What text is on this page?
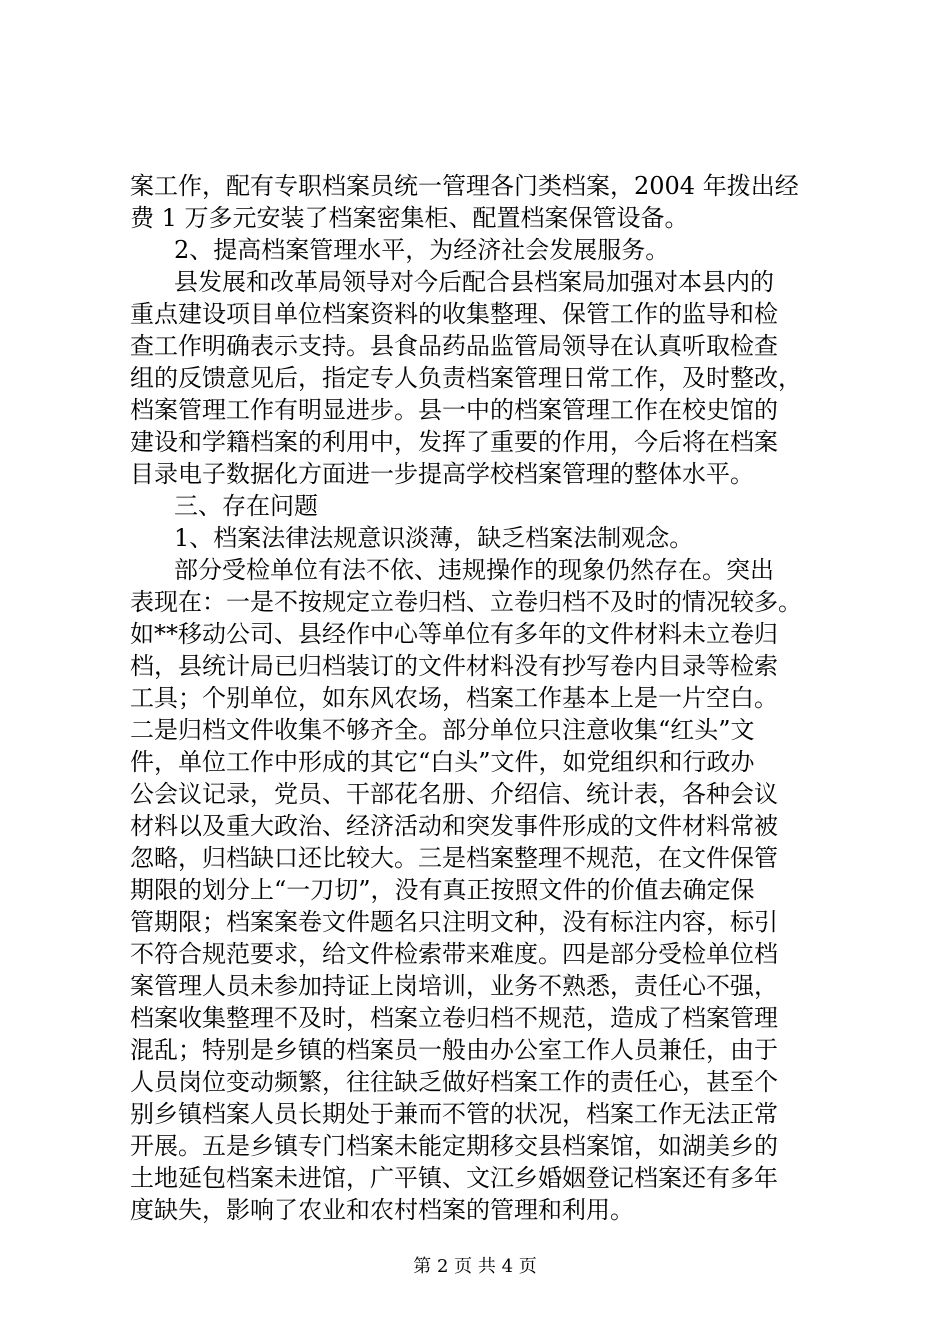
案工作，配有专职档案员统一管理各门类档案，2004 年拨出经
费 1 万多元安装了档案密集柜、配置档案保管设备。
2、提高档案管理水平，为经济社会发展服务。
县发展和改革局领导对今后配合县档案局加强对本县内的
重点建设项目单位档案资料的收集整理、保管工作的监导和检
查工作明确表示支持。县食品药品监管局领导在认真听取检查
组的反馈意见后，指定专人负责档案管理日常工作，及时整改，
档案管理工作有明显进步。县一中的档案管理工作在校史馆的
建设和学籍档案的利用中，发挥了重要的作用，今后将在档案
目录电子数据化方面进一步提高学校档案管理的整体水平。
三、存在问题
1、档案法律法规意识淡薄，缺乏档案法制观念。
部分受检单位有法不依、违规操作的现象仍然存在。突出
表现在：一是不按规定立卷归档、立卷归档不及时的情况较多。
如**移动公司、县经作中心等单位有多年的文件材料未立卷归
档，县统计局已归档装订的文件材料没有抄写卷内目录等检索
工具；个别单位，如东风农场，档案工作基本上是一片空白。
二是归档文件收集不够齐全。部分单位只注意收集“红头”文
件，单位工作中形成的其它“白头”文件，如党组织和行政办
公会议记录，党员、干部花名册、介绍信、统计表，各种会议
材料以及重大政治、经济活动和突发事件形成的文件材料常被
忽略，归档缺口还比较大。三是档案整理不规范，在文件保管
期限的划分上“一刀切”，没有真正按照文件的价值去确定保
管期限；档案案卷文件题名只注明文种，没有标注内容，标引
不符合规范要求，给文件检索带来难度。四是部分受检单位档
案管理人员未参加持证上岗培训，业务不熟悉，责任心不强，
档案收集整理不及时，档案立卷归档不规范，造成了档案管理
混乱；特别是乡镇的档案员一般由办公室工作人员兼任，由于
人员岗位变动频繁，往往缺乏做好档案工作的责任心，甚至个
别乡镇档案人员长期处于兼而不管的状况，档案工作无法正常
开展。五是乡镇专门档案未能定期移交县档案馆，如湖美乡的
土地延包档案未进馆，广平镇、文江乡婚姻登记档案还有多年
度缺失，影响了农业和农村档案的管理和利用。
第 2 页 共 4 页
